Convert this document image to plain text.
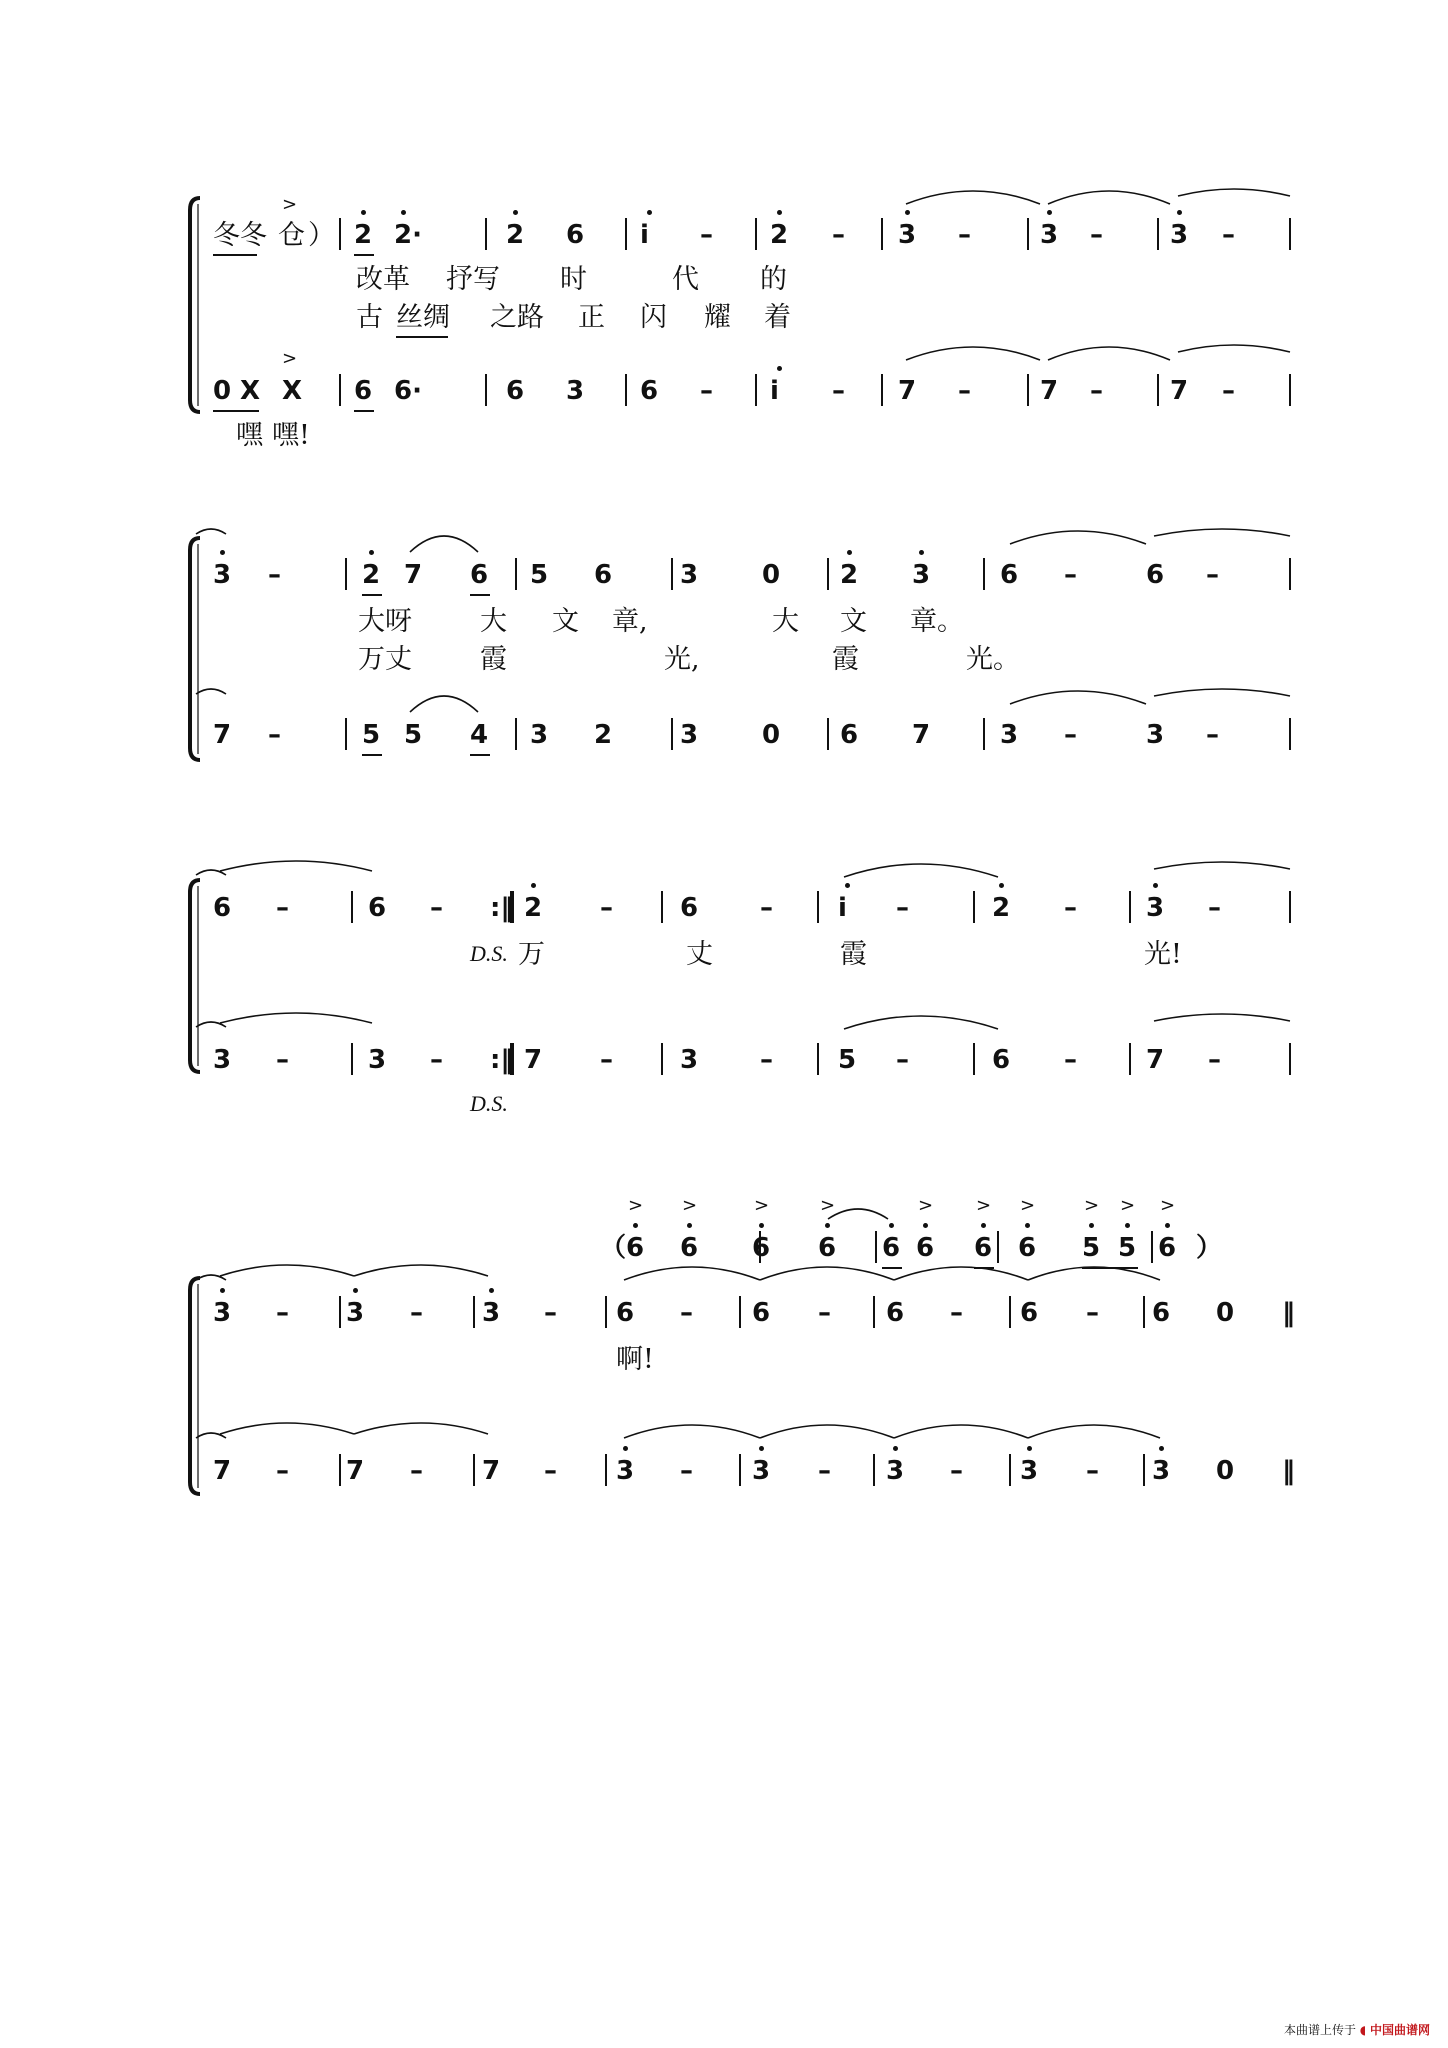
冬冬 仓
>
） 2 2·	2 6 i – 2 – 3 –	3 –	3 –
改革 抒写 时	代 的
古 丝绸 之路 正 闪 耀 着
0 X X
>
6 6·	6 3 6 – i – 7 –	7 –	7 –
嘿 嘿!
3 –	2 7 6 5 6	3 0 2 3	6 –	6 –
大呀	大 文 章,	大 文 章。
万丈	霞	光,	霞	光。
7 –	5 5 4 3 2	3 0 6 7	3 –	3 –
6 –	6 – :‖ 2 –	6 –	i –	2 –	3 –
D.S. 万	丈	霞	光!
3 –	3 – :‖ 7 –	3 –	5 –	6 –	7 –
D.S.
（ 6 6 6 6 6 6 6 6 5 5 6 ）
> >	>	>	> > >	> > >
3 – 3 – 3 – 6 – 6 – 6 – 6 – 6 0 ‖
啊!
7 – 7 – 7 – 3 – 3 – 3 – 3 – 3 0 ‖
本曲谱上传于 ◖ 中国曲谱网
